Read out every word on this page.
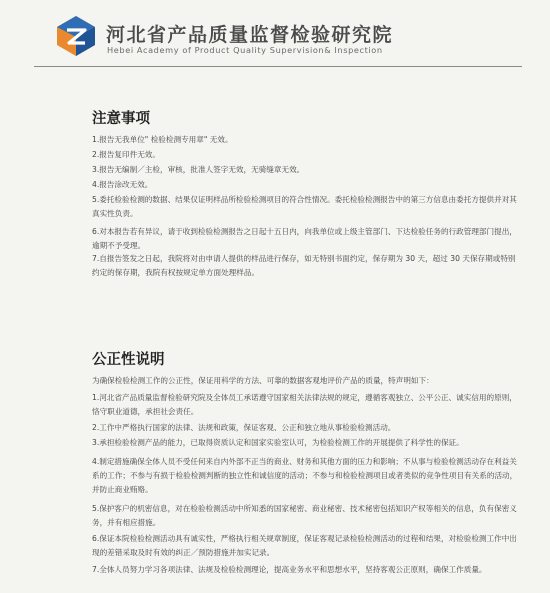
河北省产品质量监督检验研究院
Hebei Academy of Product Quality Supervision& Inspection
注意事项

1.报告无我单位" 检验检测专用章" 无效。

2.报告复印件无效。

3.报告无编制／主检，审核，批准人签字无效，无骑缝章无效。

4.报告涂改无效。

5.委托检验检测的数据、结果仅证明样品所检验检测项目的符合性情况。委托检验检测报告中的第三方信息由委托方提供并对其真实性负责。

6.对本报告若有异议，请于收到检验检测报告之日起十五日内，向我单位或上级主管部门、下达检验任务的行政管理部门提出，逾期不予受理。

7.自报告签发之日起，我院将对由申请人提供的样品进行保存，如无特别书面约定，保存期为 30 天，超过 30 天保存期或特别约定的保存期，我院有权按规定单方面处理样品。

公正性说明
为确保检验检测工作的公正性，保证用科学的方法、可靠的数据客观地评价产品的质量，特声明如下：

1.河北省产品质量监督检验研究院及全体员工承诺遵守国家相关法律法规的规定，遵循客观独立、公平公正、诚实信用的原则，恪守职业道德，承担社会责任。

2.工作中严格执行国家的法律、法规和政策，保证客观、公正和独立地从事检验检测活动。

3.承担检验检测产品的能力，已取得资质认定和国家实验室认可，为检验检测工作的开展提供了科学性的保证。

4.制定措施确保全体人员不受任何来自内外部不正当的商业、财务和其他方面的压力和影响；不从事与检验检测活动存在利益关系的工作；不参与有损于检验检测判断的独立性和诚信度的活动；不参与和检验检测项目或者类似的竞争性项目有关系的活动，并防止商业贿赂。

5.保护客户的机密信息，对在检验检测活动中所知悉的国家秘密、商业秘密、技术秘密包括知识产权等相关的信息，负有保密义务，并有相应措施。

6.保证本院检验检测活动具有诚实性，严格执行相关规章制度，保证客观记录检验检测活动的过程和结果，对检验检测工作中出现的差错采取及时有效的纠正／预防措施并加实记录。

7.全体人员努力学习各项法律、法规及检验检测理论，提高业务水平和思想水平，坚持客观公正原则，确保工作质量。
